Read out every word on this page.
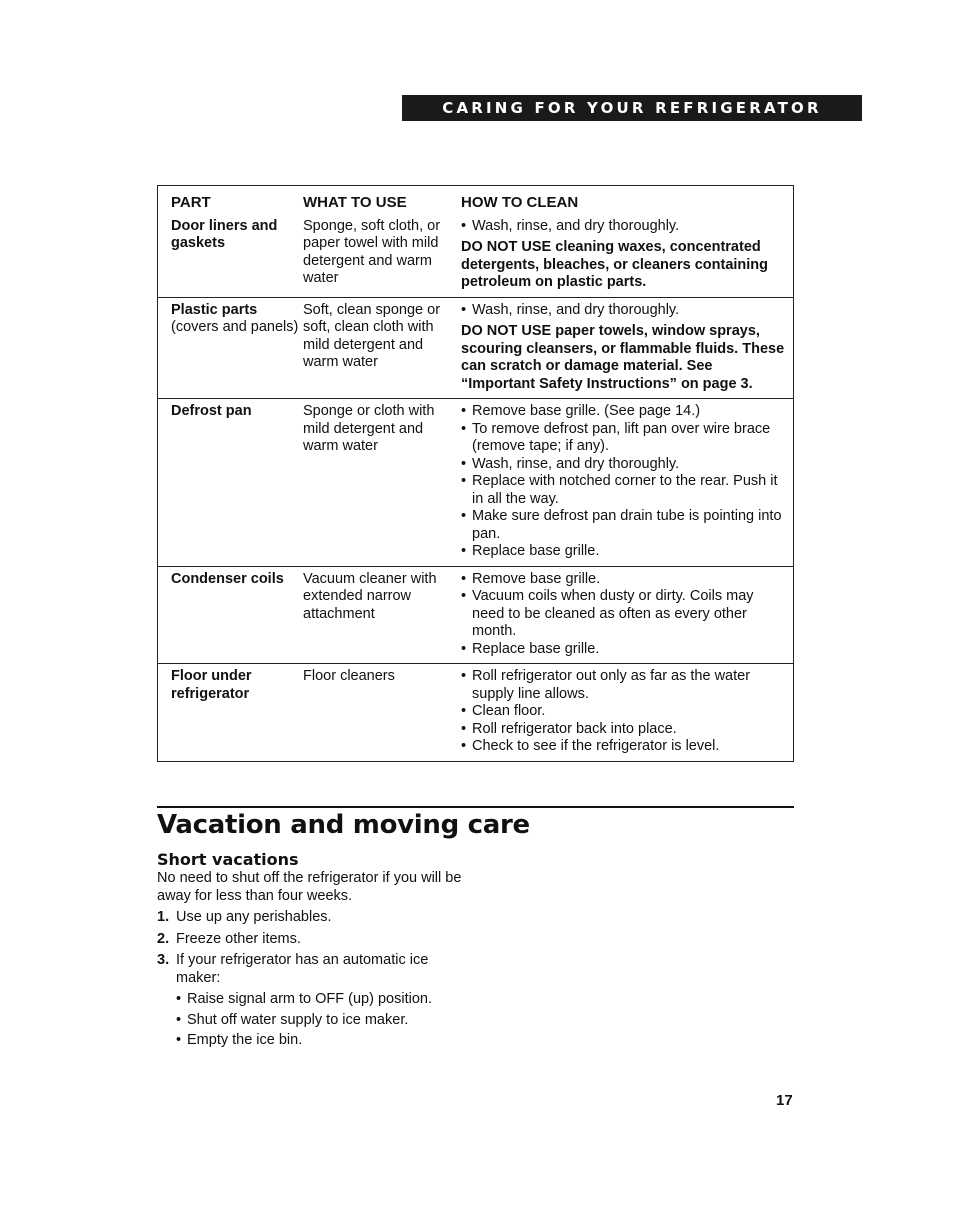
CARING FOR YOUR REFRIGERATOR
PART	WHAT TO USE	HOW TO CLEAN
Door liners and gaskets
Sponge, soft cloth, or paper towel with mild detergent and warm water
• Wash, rinse, and dry thoroughly.
DO NOT USE cleaning waxes, concentrated detergents, bleaches, or cleaners containing petroleum on plastic parts.
Plastic parts
(covers and panels)
Soft, clean sponge or soft, clean cloth with mild detergent and warm water
• Wash, rinse, and dry thoroughly.
DO NOT USE paper towels, window sprays, scouring cleansers, or flammable fluids. These can scratch or damage material. See “Important Safety Instructions” on page 3.
Defrost pan	Sponge or cloth with mild detergent and warm water
• Remove base grille. (See page 14.)
• To remove defrost pan, lift pan over wire brace (remove tape; if any).
• Wash, rinse, and dry thoroughly.
• Replace with notched corner to the rear. Push it in all the way.
• Make sure defrost pan drain tube is pointing into pan.
• Replace base grille.
Condenser coils	Vacuum cleaner with extended narrow attachment
• Remove base grille.
• Vacuum coils when dusty or dirty. Coils may need to be cleaned as often as every other month.
• Replace base grille.
Floor under refrigerator
Floor cleaners
•	Roll refrigerator out only as far as the water supply line allows.
• Clean floor.
• Roll refrigerator back into place.
• Check to see if the refrigerator is level.
Vacation and moving care
Short vacations

No need to shut off the refrigerator if you will be away for less than four weeks.

1. Use up any perishables.
2. Freeze other items.
3. If your refrigerator has an automatic ice maker:
• Raise signal arm to OFF (up) position.
• Shut off water supply to ice maker.
• Empty the ice bin.
17
